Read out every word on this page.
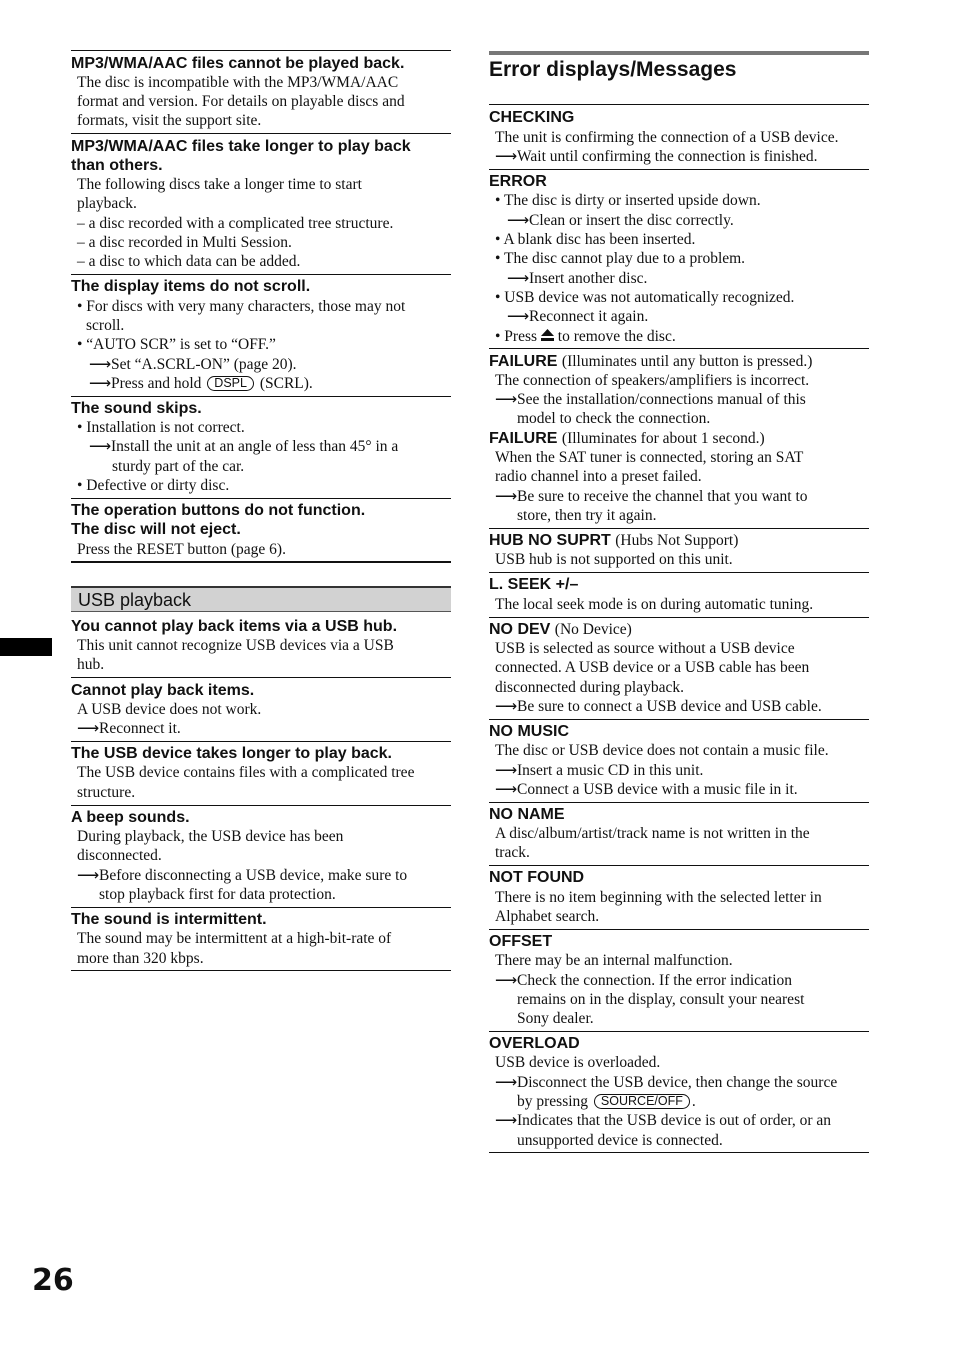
26
MP3/WMA/AAC files cannot be played back.
The disc is incompatible with the MP3/WMA/AAC
format and version. For details on playable discs and
formats, visit the support site.
MP3/WMA/AAC files take longer to play back
than others.
The following discs take a longer time to start
playback.
– a disc recorded with a complicated tree structure.
– a disc recorded in Multi Session.
– a disc to which data can be added.
The display items do not scroll.
• For discs with very many characters, those may not
scroll.
• “AUTO SCR” is set to “OFF.”
⟶Set “A.SCRL-ON” (page 20).
⟶Press and hold DSPL (SCRL).
The sound skips.
• Installation is not correct.
⟶Install the unit at an angle of less than 45° in a
sturdy part of the car.
• Defective or dirty disc.
The operation buttons do not function.
The disc will not eject.
Press the RESET button (page 6).
USB playback
You cannot play back items via a USB hub.
This unit cannot recognize USB devices via a USB
hub.
Cannot play back items.
A USB device does not work.
⟶Reconnect it.
The USB device takes longer to play back.
The USB device contains files with a complicated tree
structure.
A beep sounds.
During playback, the USB device has been
disconnected.
⟶Before disconnecting a USB device, make sure to
stop playback first for data protection.
The sound is intermittent.
The sound may be intermittent at a high-bit-rate of
more than 320 kbps.
Error displays/Messages
CHECKING
The unit is confirming the connection of a USB device.
⟶Wait until confirming the connection is finished.
ERROR
• The disc is dirty or inserted upside down.
⟶Clean or insert the disc correctly.
• A blank disc has been inserted.
• The disc cannot play due to a problem.
⟶Insert another disc.
• USB device was not automatically recognized.
⟶Reconnect it again.
• Press to remove the disc.
FAILURE (Illuminates until any button is pressed.)
The connection of speakers/amplifiers is incorrect.
⟶See the installation/connections manual of this
model to check the connection.
FAILURE (Illuminates for about 1 second.)
When the SAT tuner is connected, storing an SAT
radio channel into a preset failed.
⟶Be sure to receive the channel that you want to
store, then try it again.
HUB NO SUPRT (Hubs Not Support)
USB hub is not supported on this unit.
L. SEEK +/–
The local seek mode is on during automatic tuning.
NO DEV (No Device)
USB is selected as source without a USB device
connected. A USB device or a USB cable has been
disconnected during playback.
⟶Be sure to connect a USB device and USB cable.
NO MUSIC
The disc or USB device does not contain a music file.
⟶Insert a music CD in this unit.
⟶Connect a USB device with a music file in it.
NO NAME
A disc/album/artist/track name is not written in the
track.
NOT FOUND
There is no item beginning with the selected letter in
Alphabet search.
OFFSET
There may be an internal malfunction.
⟶Check the connection. If the error indication
remains on in the display, consult your nearest
Sony dealer.
OVERLOAD
USB device is overloaded.
⟶Disconnect the USB device, then change the source
by pressing SOURCE/OFF .
⟶Indicates that the USB device is out of order, or an
unsupported device is connected.
